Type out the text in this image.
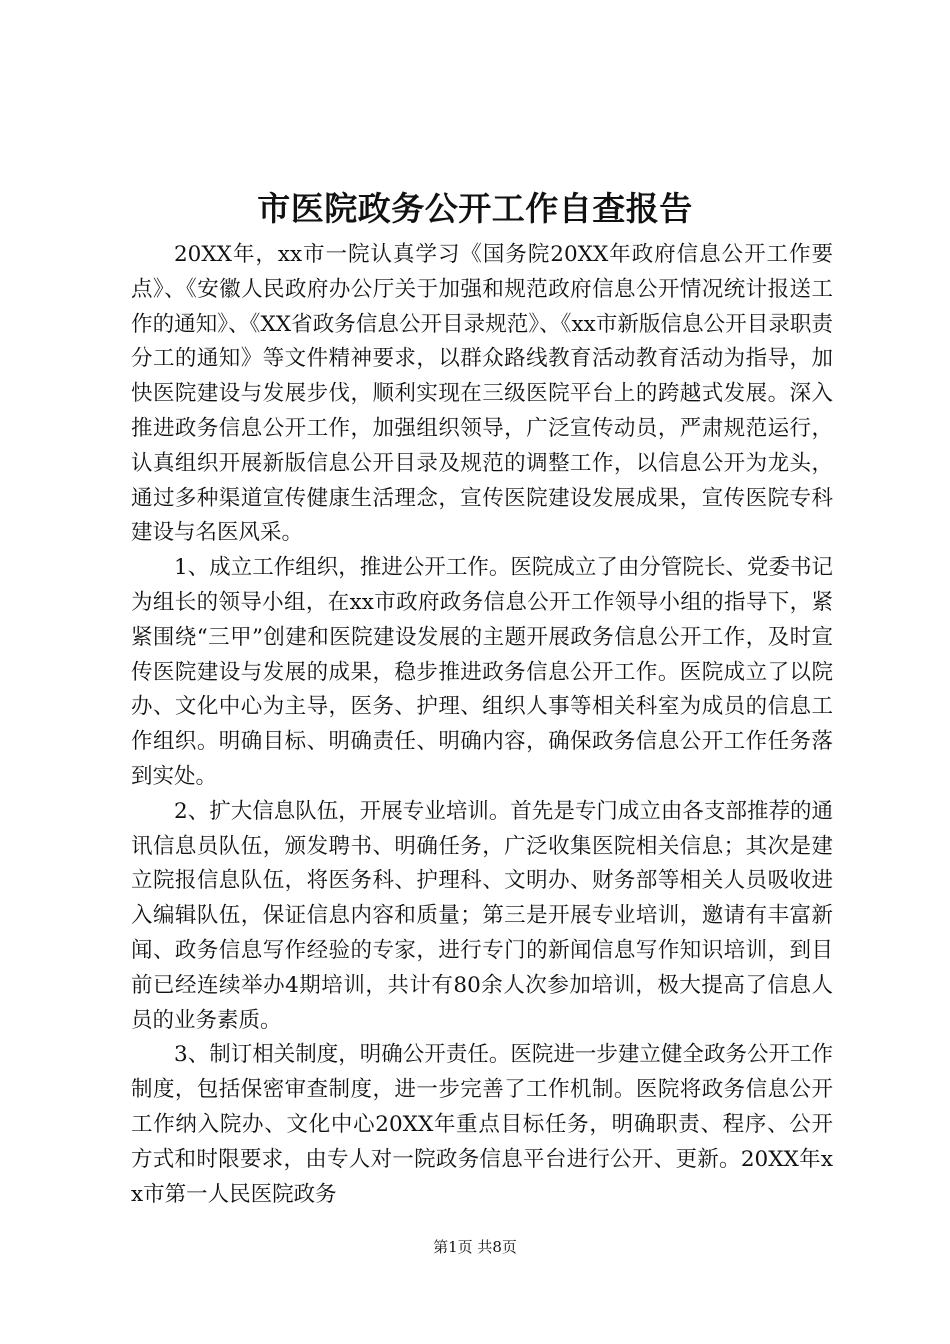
市医院政务公开工作自查报告

20XX年，xx市一院认真学习《国务院20XX年政府信息公开工作要点》、《安徽人民政府办公厅关于加强和规范政府信息公开情况统计报送工作的通知》、《XX省政务信息公开目录规范》、《xx市新版信息公开目录职责分工的通知》等文件精神要求，以群众路线教育活动教育活动为指导，加快医院建设与发展步伐，顺利实现在三级医院平台上的跨越式发展。深入推进政务信息公开工作，加强组织领导，广泛宣传动员，严肃规范运行，认真组织开展新版信息公开目录及规范的调整工作，以信息公开为龙头，通过多种渠道宣传健康生活理念，宣传医院建设发展成果，宣传医院专科建设与名医风采。

1、成立工作组织，推进公开工作。医院成立了由分管院长、党委书记为组长的领导小组，在xx市政府政务信息公开工作领导小组的指导下，紧紧围绕“三甲”创建和医院建设发展的主题开展政务信息公开工作，及时宣传医院建设与发展的成果，稳步推进政务信息公开工作。医院成立了以院办、文化中心为主导，医务、护理、组织人事等相关科室为成员的信息工作组织。明确目标、明确责任、明确内容，确保政务信息公开工作任务落到实处。

2、扩大信息队伍，开展专业培训。首先是专门成立由各支部推荐的通讯信息员队伍，颁发聘书、明确任务，广泛收集医院相关信息；其次是建立院报信息队伍，将医务科、护理科、文明办、财务部等相关人员吸收进入编辑队伍，保证信息内容和质量；第三是开展专业培训，邀请有丰富新闻、政务信息写作经验的专家，进行专门的新闻信息写作知识培训，到目前已经连续举办4期培训，共计有80余人次参加培训，极大提高了信息人员的业务素质。

3、制订相关制度，明确公开责任。医院进一步建立健全政务公开工作制度，包括保密审查制度，进一步完善了工作机制。医院将政务信息公开工作纳入院办、文化中心20XX年重点目标任务，明确职责、程序、公开方式和时限要求，由专人对一院政务信息平台进行公开、更新。20XX年xx市第一人民医院政务

第1页 共8页
